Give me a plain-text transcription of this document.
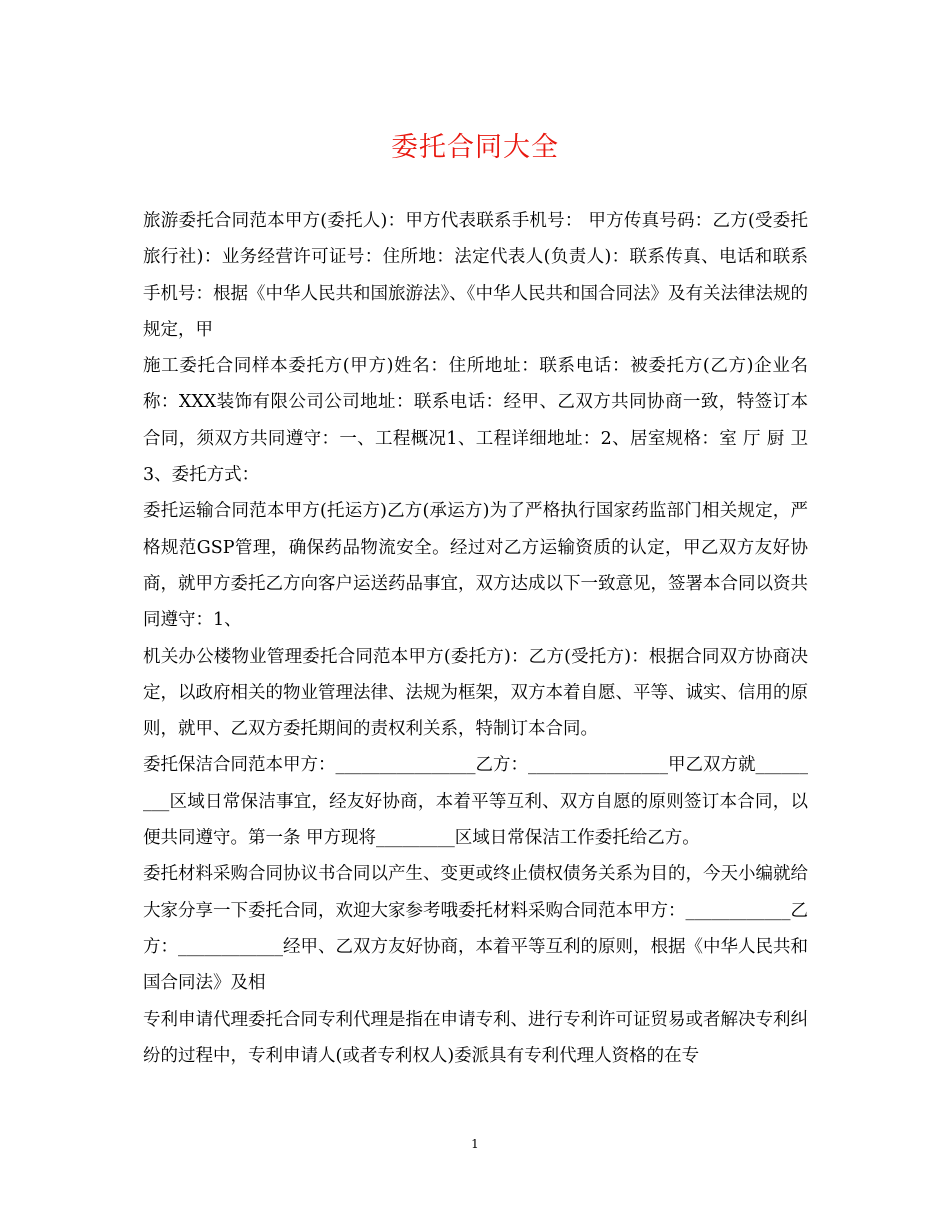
委托合同大全

旅游委托合同范本甲方(委托人)：甲方代表联系手机号： 甲方传真号码：乙方(受委托旅行社)：业务经营许可证号：住所地：法定代表人(负责人)：联系传真、电话和联系手机号：根据《中华人民共和国旅游法》、《中华人民共和国合同法》及有关法律法规的规定，甲

施工委托合同样本委托方(甲方)姓名：住所地址：联系电话：被委托方(乙方)企业名称：XXX装饰有限公司公司地址：联系电话：经甲、乙双方共同协商一致，特签订本合同，须双方共同遵守：一、工程概况1、工程详细地址：2、居室规格：室 厅 厨 卫3、委托方式：

委托运输合同范本甲方(托运方)乙方(承运方)为了严格执行国家药监部门相关规定，严格规范GSP管理，确保药品物流安全。经过对乙方运输资质的认定，甲乙双方友好协商，就甲方委托乙方向客户运送药品事宜，双方达成以下一致意见，签署本合同以资共同遵守：1、

机关办公楼物业管理委托合同范本甲方(委托方)：乙方(受托方)：根据合同双方协商决定，以政府相关的物业管理法律、法规为框架，双方本着自愿、平等、诚实、信用的原则，就甲、乙双方委托期间的责权利关系，特制订本合同。

委托保洁合同范本甲方：________________乙方：________________甲乙双方就_________区域日常保洁事宜，经友好协商，本着平等互利、双方自愿的原则签订本合同，以便共同遵守。第一条 甲方现将_________区域日常保洁工作委托给乙方。

委托材料采购合同协议书合同以产生、变更或终止债权债务关系为目的，今天小编就给大家分享一下委托合同，欢迎大家参考哦委托材料采购合同范本甲方：____________乙方：____________经甲、乙双方友好协商，本着平等互利的原则，根据《中华人民共和国合同法》及相

专利申请代理委托合同专利代理是指在申请专利、进行专利许可证贸易或者解决专利纠纷的过程中，专利申请人(或者专利权人)委派具有专利代理人资格的在专

1
